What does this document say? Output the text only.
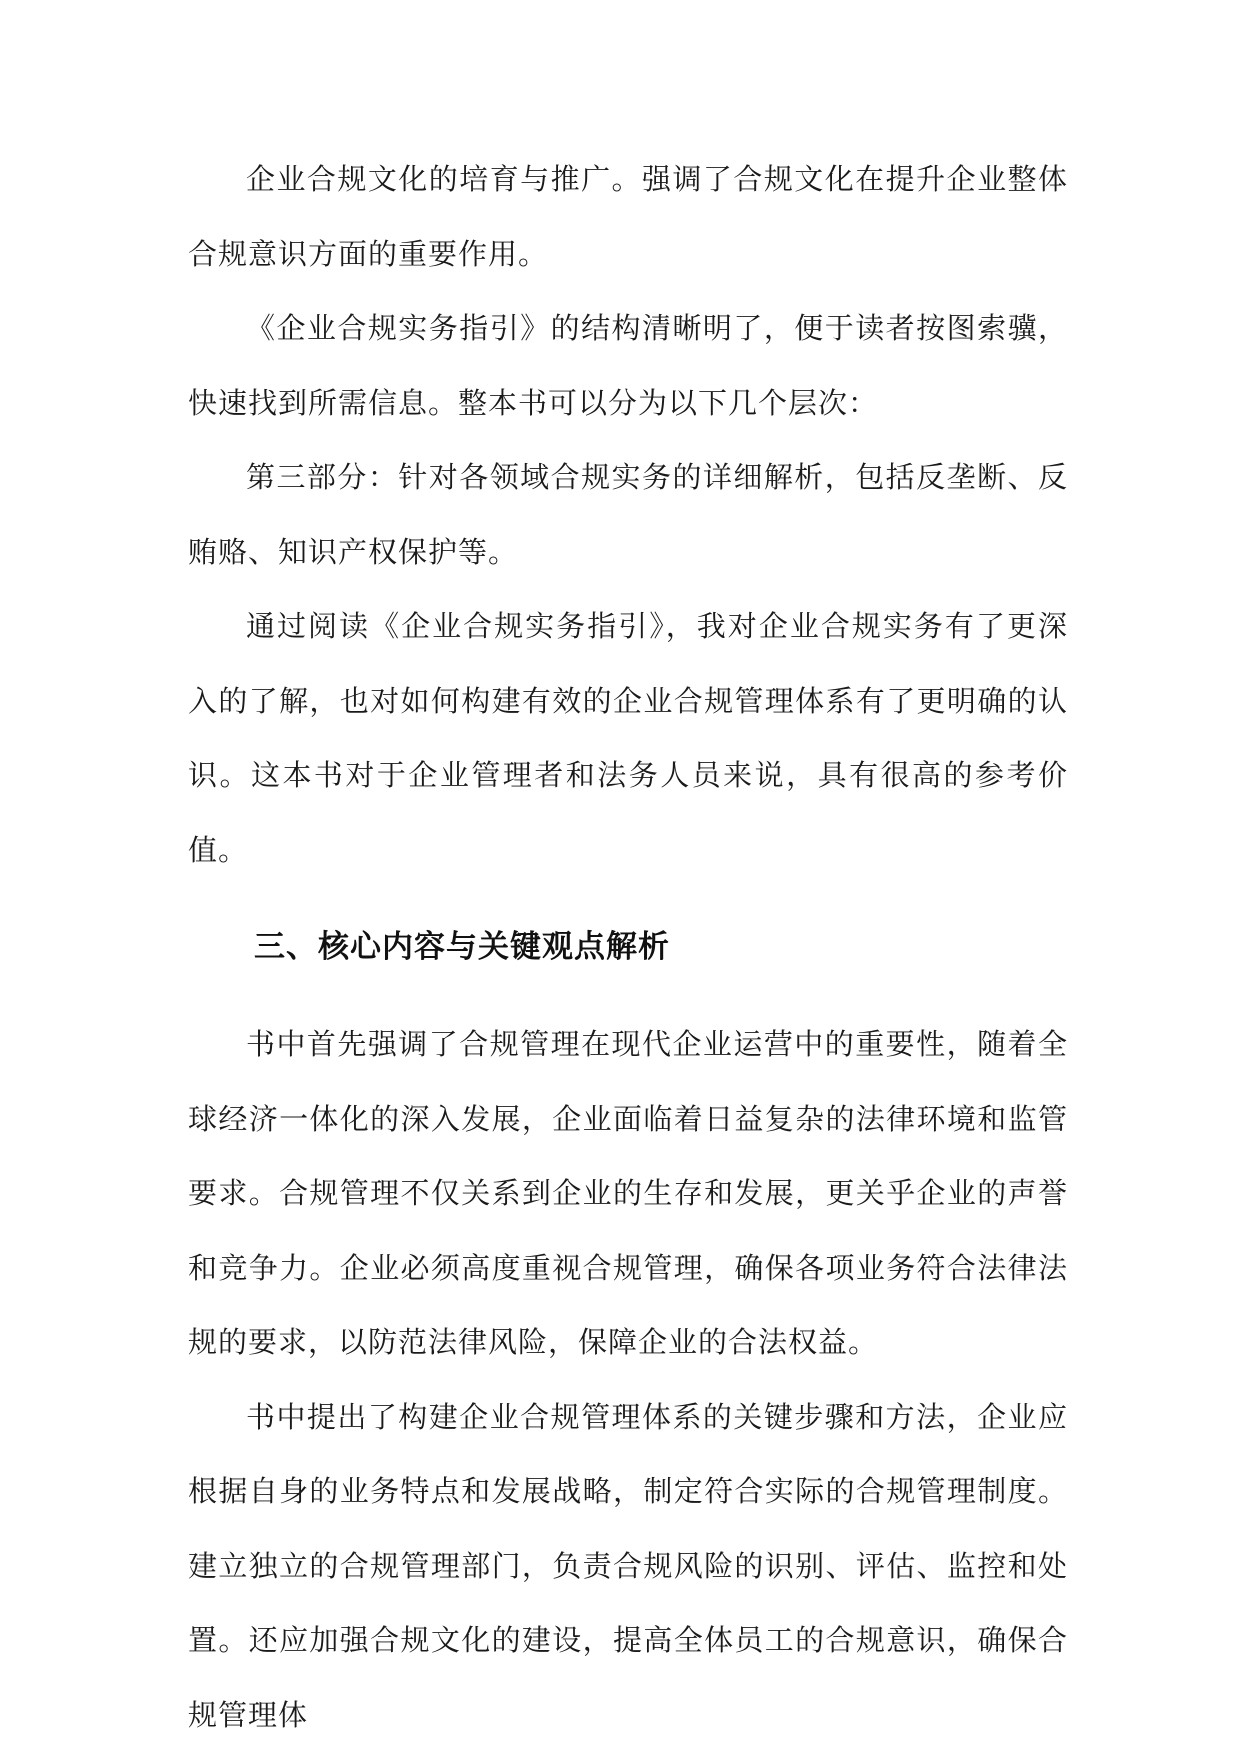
企业合规文化的培育与推广。强调了合规文化在提升企业整体合规意识方面的重要作用。

《企业合规实务指引》的结构清晰明了，便于读者按图索骥，快速找到所需信息。整本书可以分为以下几个层次：

第三部分：针对各领域合规实务的详细解析，包括反垄断、反贿赂、知识产权保护等。

通过阅读《企业合规实务指引》，我对企业合规实务有了更深入的了解，也对如何构建有效的企业合规管理体系有了更明确的认识。这本书对于企业管理者和法务人员来说，具有很高的参考价值。

三、核心内容与关键观点解析

书中首先强调了合规管理在现代企业运营中的重要性，随着全球经济一体化的深入发展，企业面临着日益复杂的法律环境和监管要求。合规管理不仅关系到企业的生存和发展，更关乎企业的声誉和竞争力。企业必须高度重视合规管理，确保各项业务符合法律法规的要求，以防范法律风险，保障企业的合法权益。

书中提出了构建企业合规管理体系的关键步骤和方法，企业应根据自身的业务特点和发展战略，制定符合实际的合规管理制度。建立独立的合规管理部门，负责合规风险的识别、评估、监控和处置。还应加强合规文化的建设，提高全体员工的合规意识，确保合规管理体
